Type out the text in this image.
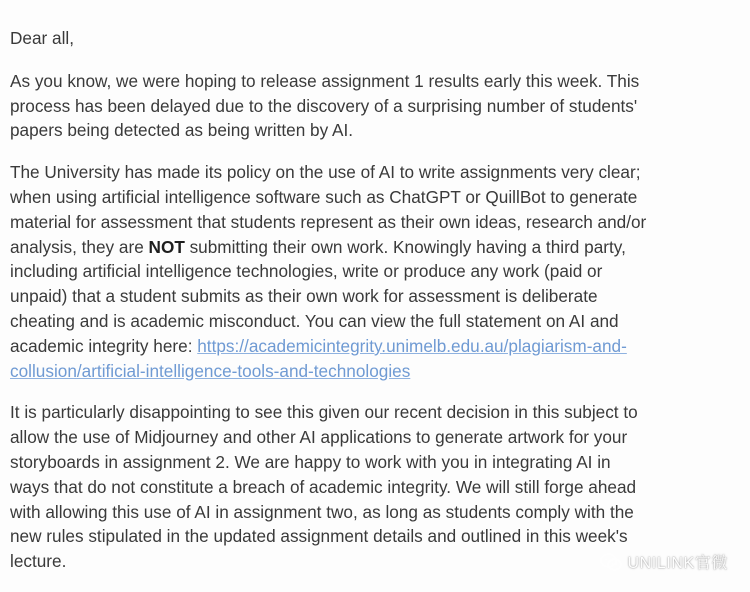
Dear all,

As you know, we were hoping to release assignment 1 results early this week. This
process has been delayed due to the discovery of a surprising number of students'
papers being detected as being written by AI.

The University has made its policy on the use of AI to write assignments very clear;
when using artificial intelligence software such as ChatGPT or QuillBot to generate
material for assessment that students represent as their own ideas, research and/or
analysis, they are NOT submitting their own work. Knowingly having a third party,
including artificial intelligence technologies, write or produce any work (paid or
unpaid) that a student submits as their own work for assessment is deliberate
cheating and is academic misconduct. You can view the full statement on AI and
academic integrity here: https://academicintegrity.unimelb.edu.au/plagiarism-and-
collusion/artificial-intelligence-tools-and-technologies

It is particularly disappointing to see this given our recent decision in this subject to
allow the use of Midjourney and other AI applications to generate artwork for your
storyboards in assignment 2. We are happy to work with you in integrating AI in
ways that do not constitute a breach of academic integrity. We will still forge ahead
with allowing this use of AI in assignment two, as long as students comply with the
new rules stipulated in the updated assignment details and outlined in this week's
lecture.	UNILINK官微
